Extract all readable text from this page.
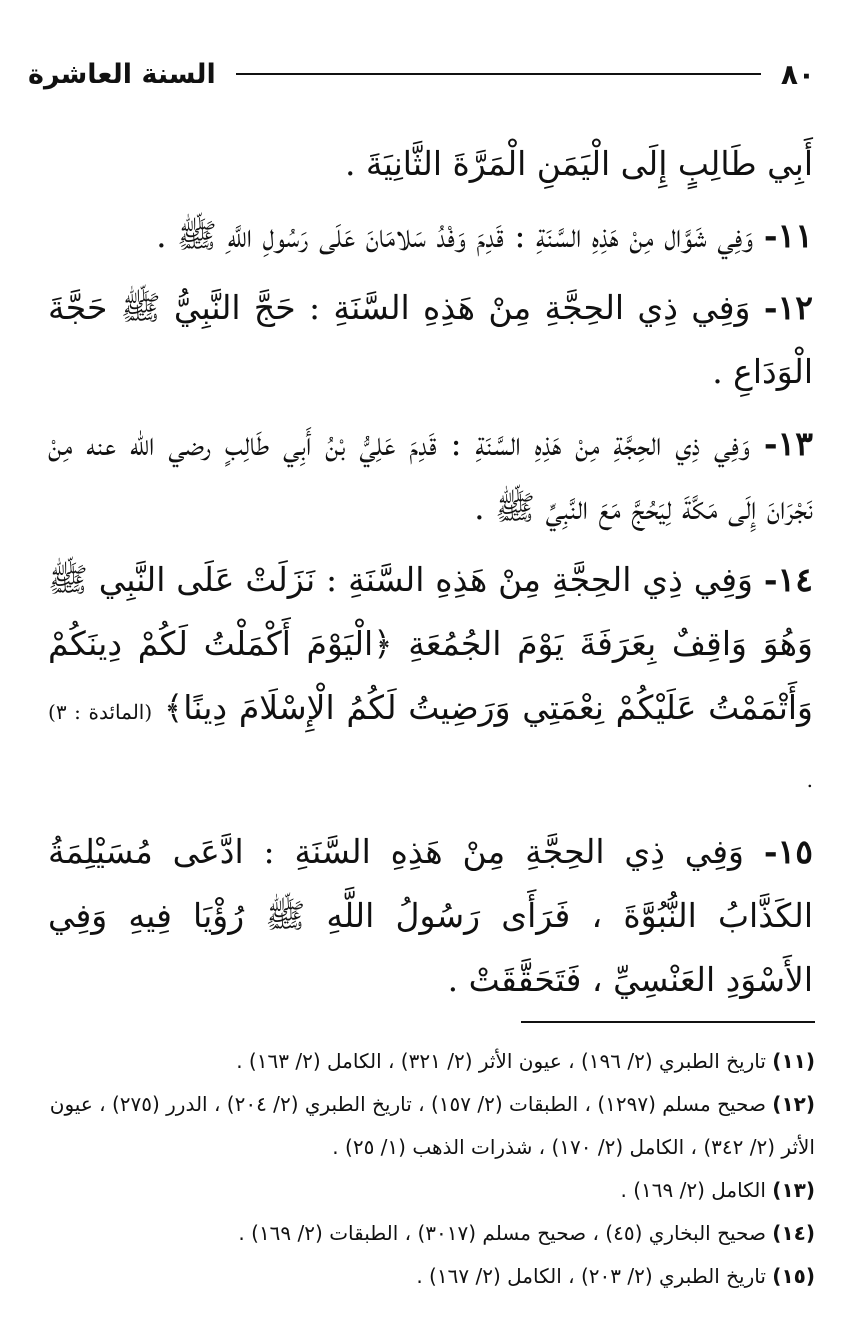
٨٠
السنة العاشرة

أَبِي طَالِبٍ إِلَى الْيَمَنِ الْمَرَّةَ الثَّانِيَةَ .

١١- وَفِي شَوَّال مِنْ هَذِهِ السَّنَةِ : قَدِمَ وَفْدُ سَلامَانَ عَلَى رَسُولِ اللَّهِ ﷺ .

١٢- وَفِي ذِي الحِجَّةِ مِنْ هَذِهِ السَّنَةِ : حَجَّ النَّبِيُّ ﷺ حَجَّةَ الْوَدَاعِ .

١٣- وَفِي ذِي الحِجَّةِ مِنْ هَذِهِ السَّنَةِ : قَدِمَ عَلِيُّ بْنُ أَبِي طَالِبٍ رضي الله عنه مِنْ نَجْرَانَ إِلَى مَكَّةَ لِيَحُجَّ مَعَ النَّبِيِّ ﷺ .

١٤- وَفِي ذِي الحِجَّةِ مِنْ هَذِهِ السَّنَةِ : نَزَلَتْ عَلَى النَّبِي ﷺ وَهُوَ وَاقِفٌ بِعَرَفَةَ يَوْمَ الجُمُعَةِ ﴿الْيَوْمَ أَكْمَلْتُ لَكُمْ دِينَكُمْ وَأَتْمَمْتُ عَلَيْكُمْ نِعْمَتِي وَرَضِيتُ لَكُمُ الْإِسْلَامَ دِينًا﴾ (المائدة : ٣) .

١٥- وَفِي ذِي الحِجَّةِ مِنْ هَذِهِ السَّنَةِ : ادَّعَى مُسَيْلِمَةُ الكَذَّابُ النُّبُوَّةَ ، فَرَأَى رَسُولُ اللَّهِ ﷺ رُؤْيَا فِيهِ وَفِي الأَسْوَدِ العَنْسِيِّ ، فَتَحَقَّقَتْ .

(١١) تاريخ الطبري (٢/ ١٩٦) ، عيون الأثر (٢/ ٣٢١) ، الكامل (٢/ ١٦٣) .

(١٢) صحيح مسلم (١٢٩٧) ، الطبقات (٢/ ١٥٧) ، تاريخ الطبري (٢/ ٢٠٤) ، الدرر (٢٧٥) ، عيون الأثر (٢/ ٣٤٢) ، الكامل (٢/ ١٧٠) ، شذرات الذهب (١/ ٢٥) .

(١٣) الكامل (٢/ ١٦٩) .

(١٤) صحيح البخاري (٤٥) ، صحيح مسلم (٣٠١٧) ، الطبقات (٢/ ١٦٩) .

(١٥) تاريخ الطبري (٢/ ٢٠٣) ، الكامل (٢/ ١٦٧) .
